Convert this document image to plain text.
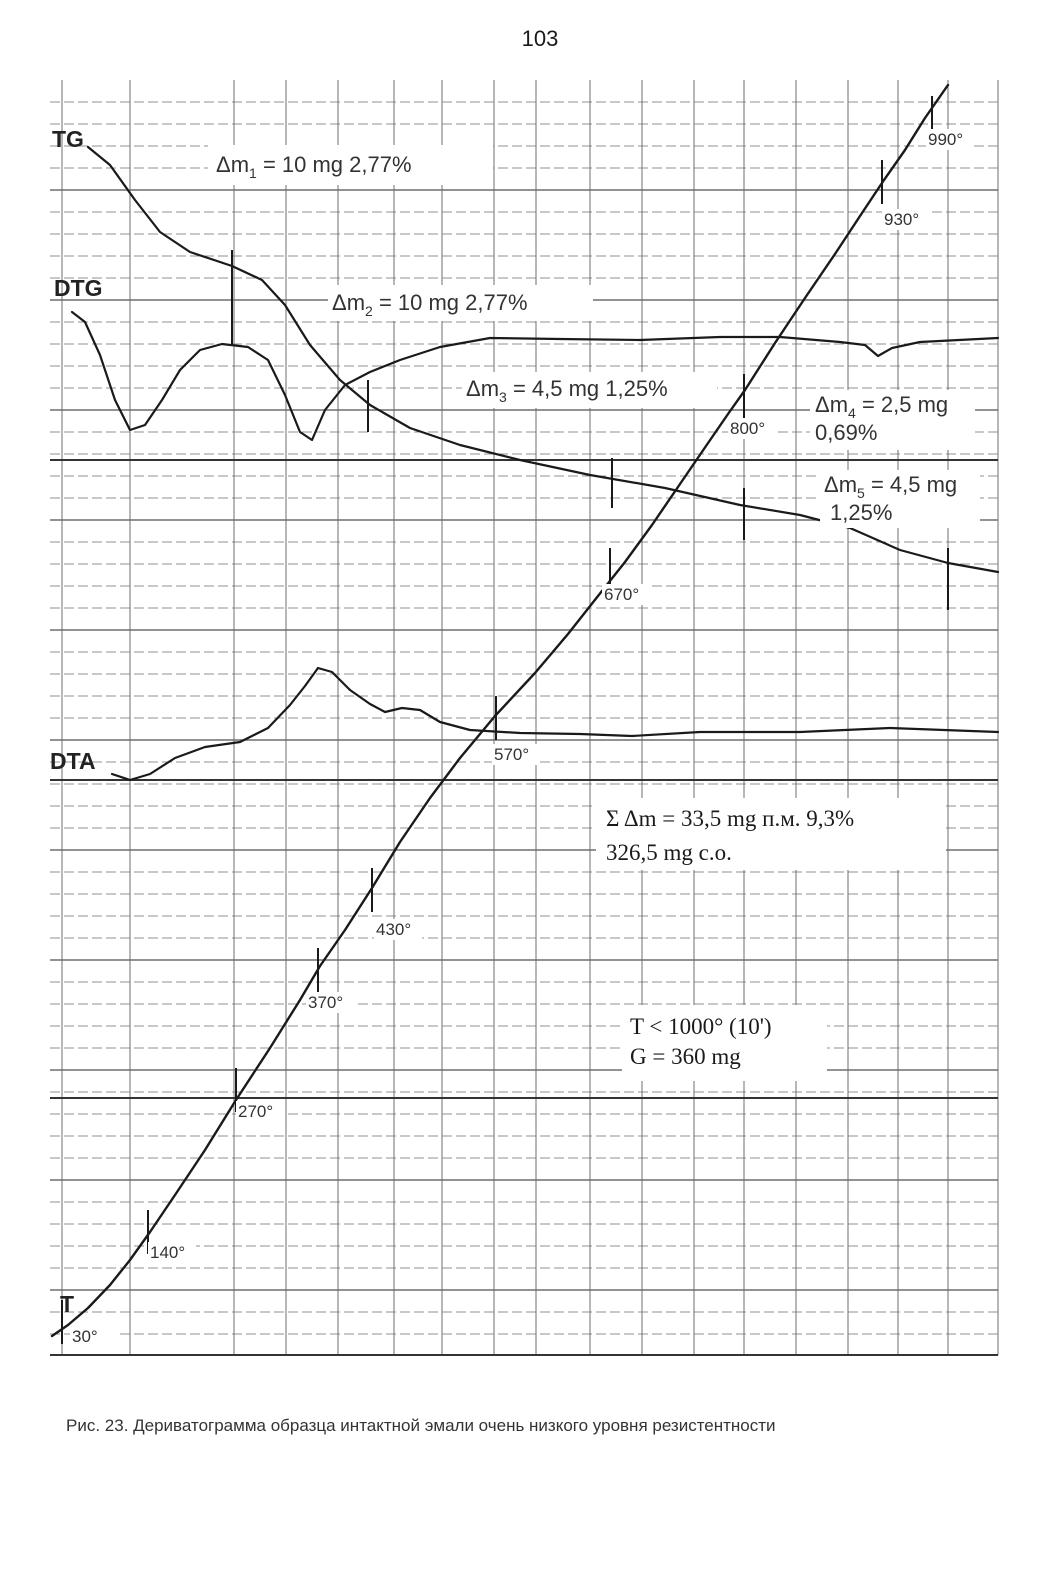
103
30°
140°
270°
370°
430°
570°
670°
800°
930°
990°
TG
DTG
DTA
T
$\Delta m_1 = 10$ mg 2,77%
$\Delta m_2 = 10$ mg 2,77%
$\Delta m_3 = 4,5$ mg 1,25%
$\Delta m_4 = 2,5$ mg
0,69%
$\Delta m_5 = 4,5$ mg
1,25%
Σ Δm = 33,5 mg п.м. 9,3%
326,5 mg с.о.
T < 1000° (10')
G = 360 mg
Рис. 23. Дериватограмма образца интактной эмали очень низкого уровня резистентности
